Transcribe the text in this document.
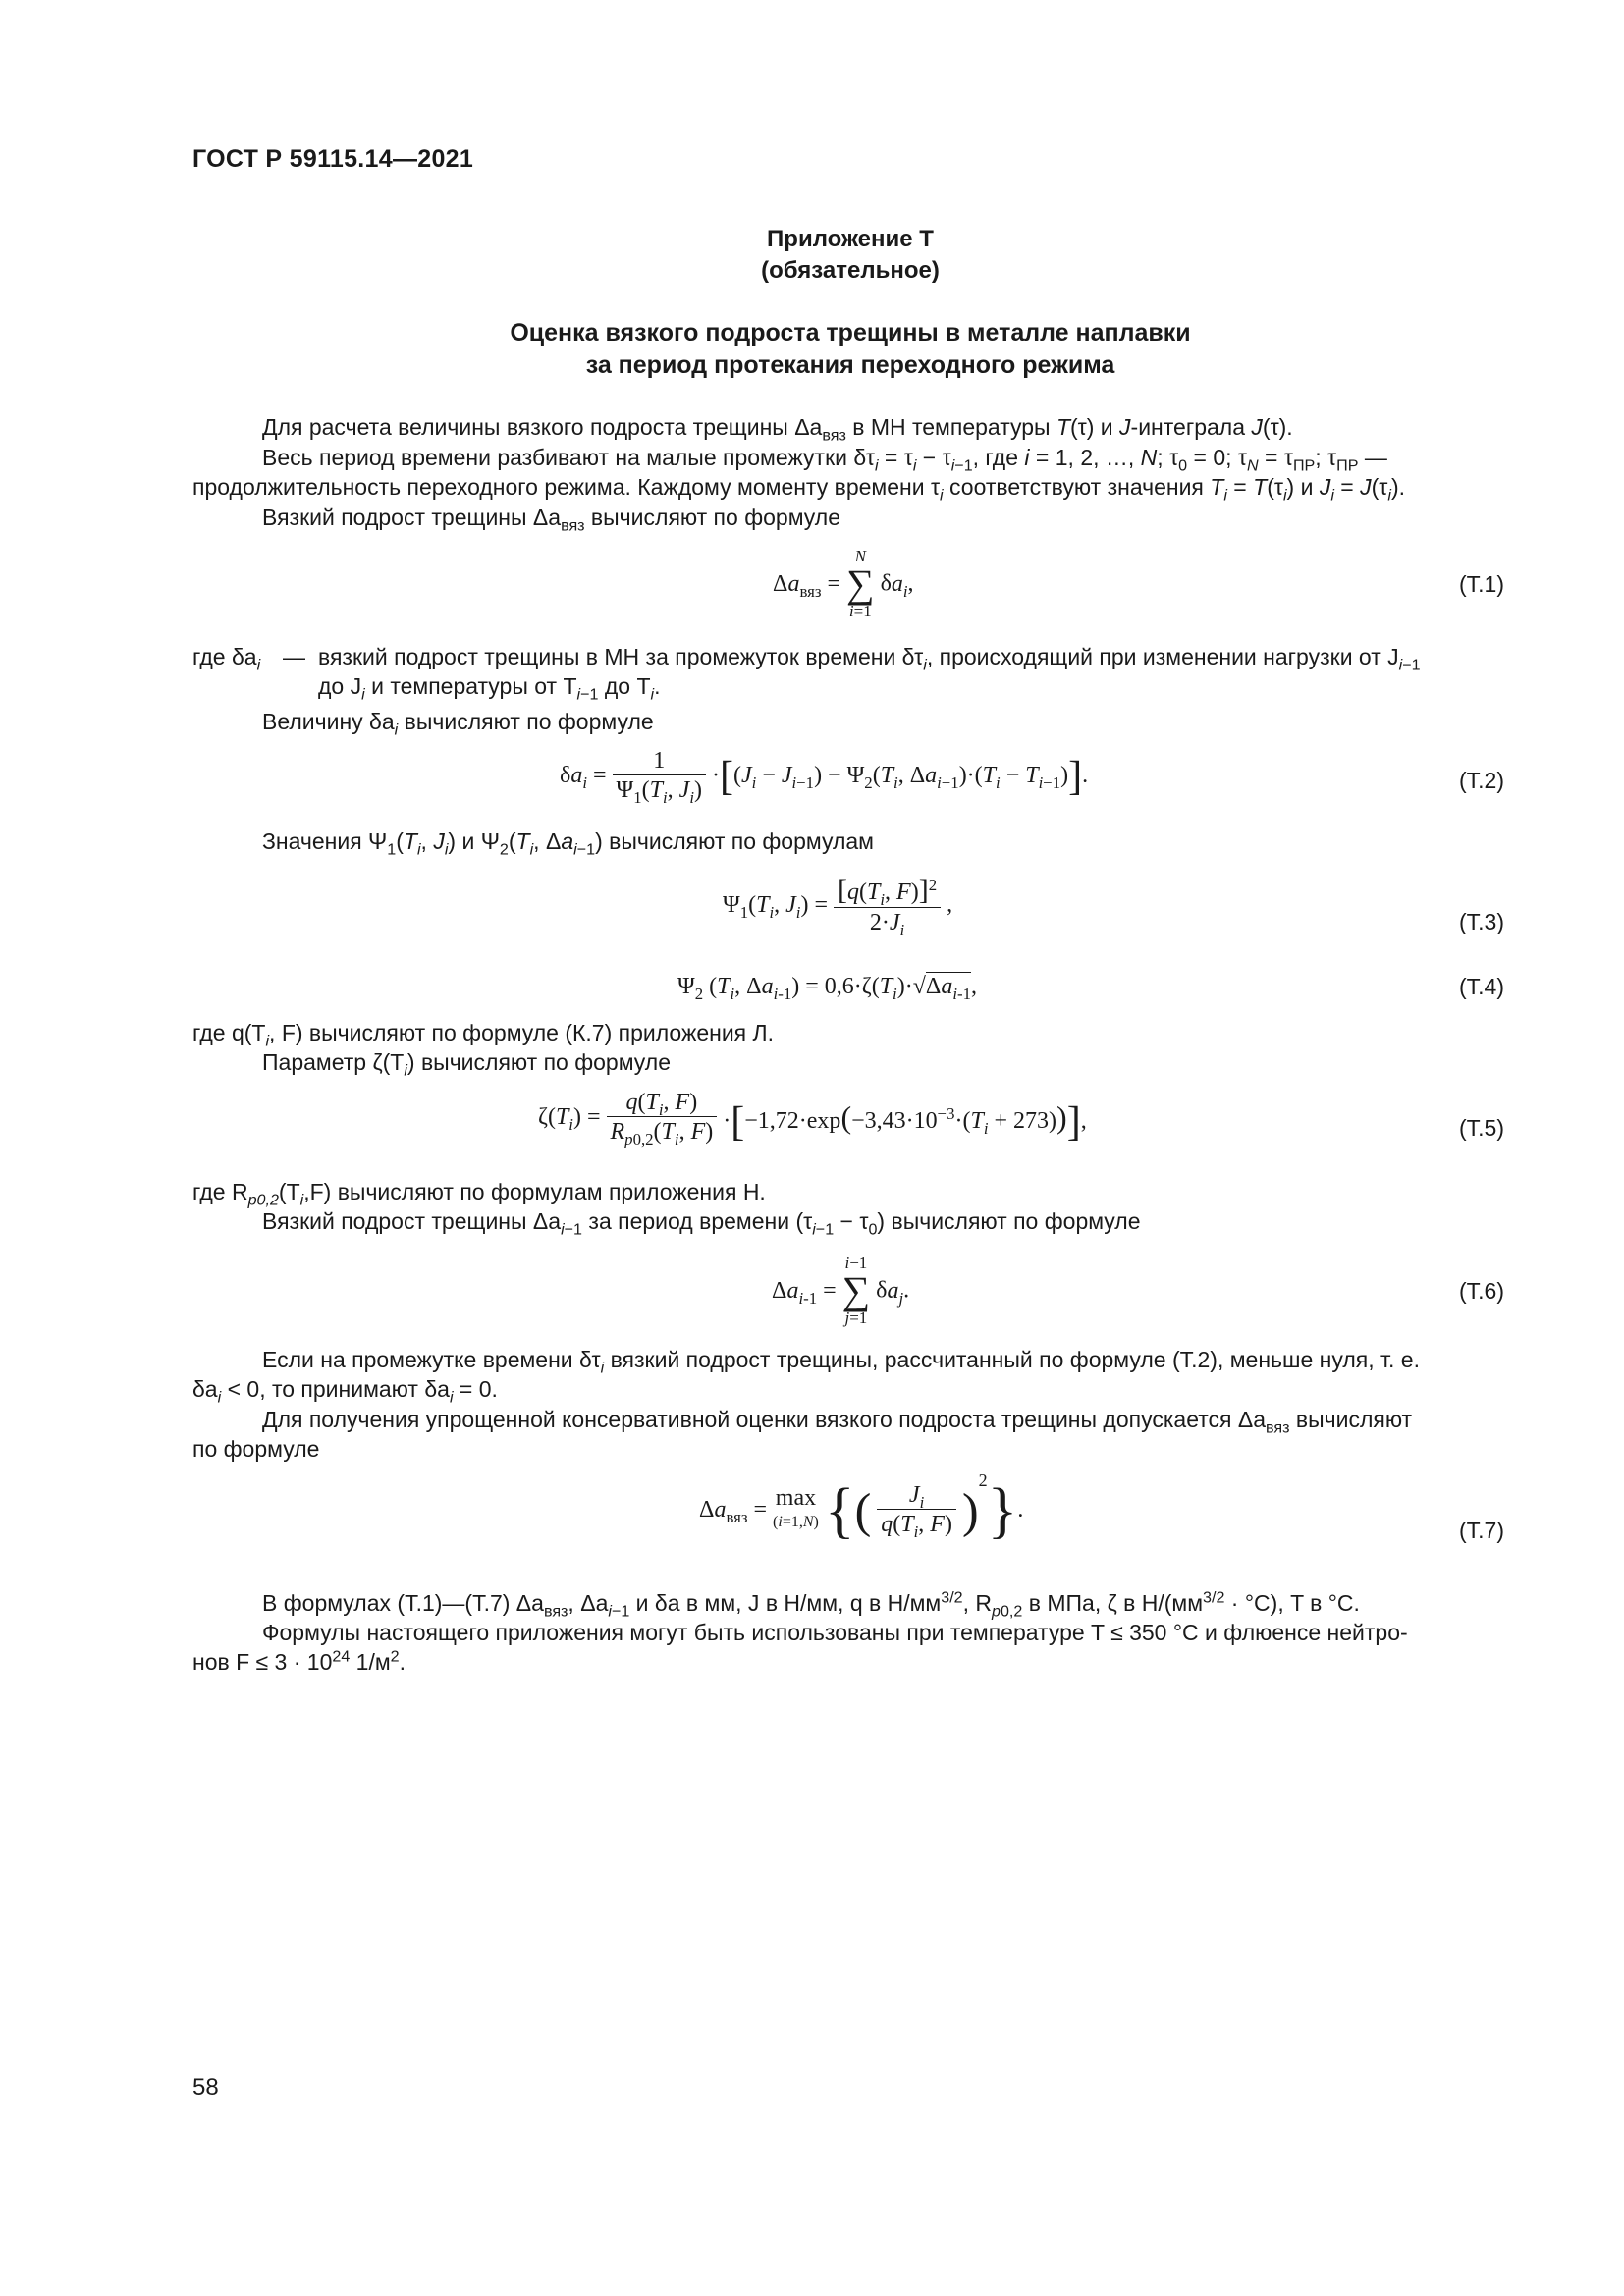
ГОСТ Р 59115.14—2021
Приложение Т
(обязательное)
Оценка вязкого подроста трещины в металле наплавки
за период протекания переходного режима
Для расчета величины вязкого подроста трещины $\Delta a_{вяз}$ в МН температуры T(τ) и J-интеграла J(τ).
Весь период времени разбивают на малые промежутки $\delta\tau_i = \tau_i - \tau_{i-1}$, где i = 1, 2, …, N; $\tau_0 = 0$; $\tau_N = \tau_{ПР}$; $\tau_{ПР}$ —
продолжительность переходного режима. Каждому моменту времени $\tau_i$ соответствуют значения $T_i = T(\tau_i)$ и $J_i = J(\tau_i)$.
Вязкий подрост трещины $\Delta a_{вяз}$ вычисляют по формуле
$\Delta a_{вяз} = N$
∑
i=1 $\delta a_i$,	(Т.1)
где $\delta a_i$ — вязкий подрост трещины в МН за промежуток времени $\delta\tau_i$, происходящий при изменении нагрузки от $J_{i-1}$
до $J_i$ и температуры от $T_{i-1}$ до $T_i$.
Величину $\delta a_i$ вычисляют по формуле
$\delta a_i = \frac{1}{\Psi_1(T_i, J_i)} \cdot[(J_i - J_{i-1}) - \Psi_2(T_i$, $\Delta a_{i-1})\cdot(T_i - T_{i-1})$].	(Т.2)
Значения $\Psi_1(T_i$, $J_i$) и $\Psi_2(T_i$, $\Delta a_{i-1}$) вычисляют по формулам
$\Psi_1(T_i$, $J_i) = \frac{[q(T_i, F)]^2}{2\cdot J_i}$ ,
(Т.3)
$\Psi_2$ ($T_i$, $\Delta a_{i-1}) = 0,6\cdot\zeta(T_i)\cdot√\Delta a_{i-1}$,	(Т.4)
где $q(T_i$, F) вычисляют по формуле (К.7) приложения Л.
Параметр $\zeta(T_i)$ вычисляют по формуле
$\zeta(T_i) = \frac{q(T_i, F)}{R_{p0,2}(T_i, F)} \cdot[-1,72\cdot\exp(-3,43\cdot 10^{-3}\cdot(T_i + 273))]$,	(Т.5)
где $R_{p0,2}(T_i,F)$ вычисляют по формулам приложения Н.
Вязкий подрост трещины $\Delta a_{i-1}$ за период времени $(\tau_{i-1} - \tau_0)$ вычисляют по формуле
$\Delta a_{i-1} = i-1$
∑
j=1 $\delta a_j$.	(Т.6)
Если на промежутке времени $\delta\tau_i$ вязкий подрост трещины, рассчитанный по формуле (Т.2), меньше нуля, т. е.
$\delta a_i < 0$, то принимают $\delta a_i = 0$.
Для получения упрощенной консервативной оценки вязкого подроста трещины допускается $\Delta a_{вяз}$ вычисляют
по формуле
$\Delta a_{вяз} = \max$
(i=1,N) {( $\frac{J_i}{q(T_i, F)} )^2$}.
(Т.7)
В формулах (Т.1)—(Т.7) $\Delta a_{вяз}$, $\Delta a_{i-1}$ и δa в мм, J в Н/мм, q в $Н/мм^{3/2}$, $R_{p0,2}$ в МПа, ζ в $Н/(мм^{3/2} \cdot ^\circ С)$, T в °С.
Формулы настоящего приложения могут быть использованы при температуре T ≤ 350 °С и флюенсе нейтро-
нов $F \le 3 \cdot 10^{24}$ $1/м^2$.
58
